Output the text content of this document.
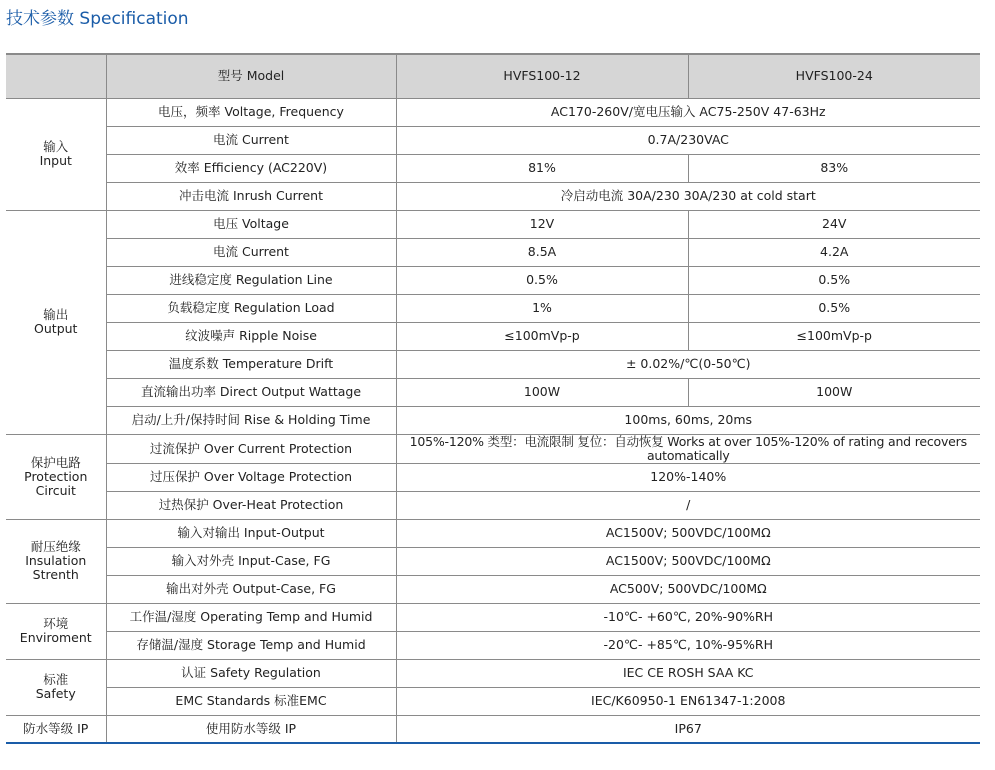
技术参数 Specification
	型号 Model	HVFS100-12	HVFS100-24

输入
Input	电压，频率 Voltage, Frequency	AC170-260V/宽电压输入 AC75-250V 47-63Hz	
	电流 Current	0.7A/230VAC	
	效率 Efficiency (AC220V)	81%	83%
	冲击电流 Inrush Current	冷启动电流 30A/230 30A/230 at cold start	

输出
Output	电压 Voltage	12V	24V
	电流 Current	8.5A	4.2A
	进线稳定度 Regulation Line	0.5%	0.5%
	负载稳定度 Regulation Load	1%	0.5%
	纹波噪声 Ripple Noise	≤100mVp-p	≤100mVp-p
	温度系数 Temperature Drift	± 0.02%/℃(0-50℃)	
	直流输出功率 Direct Output Wattage	100W	100W
	启动/上升/保持时间 Rise & Holding Time	100ms, 60ms, 20ms	

保护电路
Protection
Circuit	过流保护 Over Current Protection	105%-120% 类型：电流限制 复位：自动恢复 Works at over 105%-120% of rating and recovers automatically	
	过压保护 Over Voltage Protection	120%-140%	
	过热保护 Over-Heat Protection	/	

耐压绝缘
Insulation
Strenth	输入对输出 Input-Output	AC1500V; 500VDC/100MΩ	
	输入对外壳 Input-Case, FG	AC1500V; 500VDC/100MΩ	
	输出对外壳 Output-Case, FG	AC500V; 500VDC/100MΩ	

环境
Enviroment	工作温/湿度 Operating Temp and Humid	-10℃- +60℃, 20%-90%RH	
	存储温/湿度 Storage Temp and Humid	-20℃- +85℃, 10%-95%RH	

标准
Safety	认证 Safety Regulation	IEC CE ROSH SAA KC	
	EMC Standards 标准EMC	IEC/K60950-1 EN61347-1:2008	

防水等级 IP	使用防水等级 IP	IP67	
